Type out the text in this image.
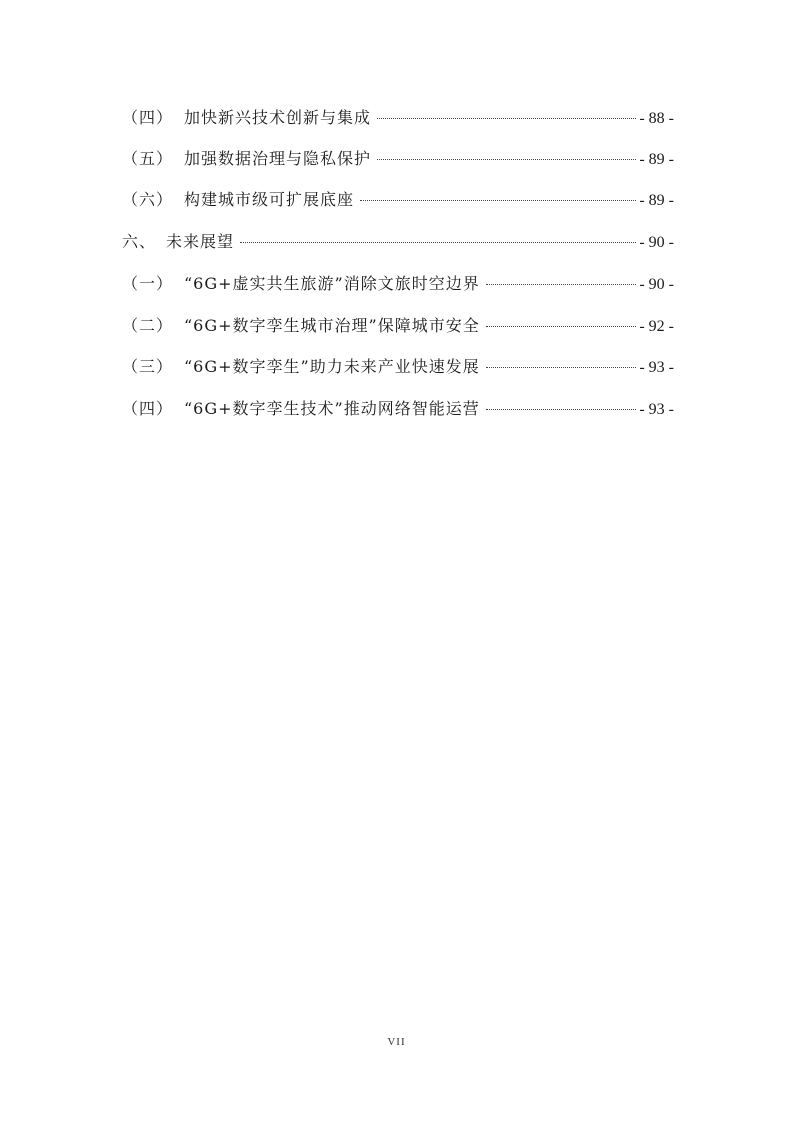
（四） 加快新兴技术创新与集成	- 88 -
（五） 加强数据治理与隐私保护	- 89 -
（六） 构建城市级可扩展底座	- 89 -
六、 未来展望	- 90 -
（一） “6G+虚实共生旅游”消除文旅时空边界	- 90 -
（二） “6G+数字孪生城市治理”保障城市安全	- 92 -
（三） “6G+数字孪生”助力未来产业快速发展	- 93 -
（四） “6G+数字孪生技术”推动网络智能运营	- 93 -
VII
